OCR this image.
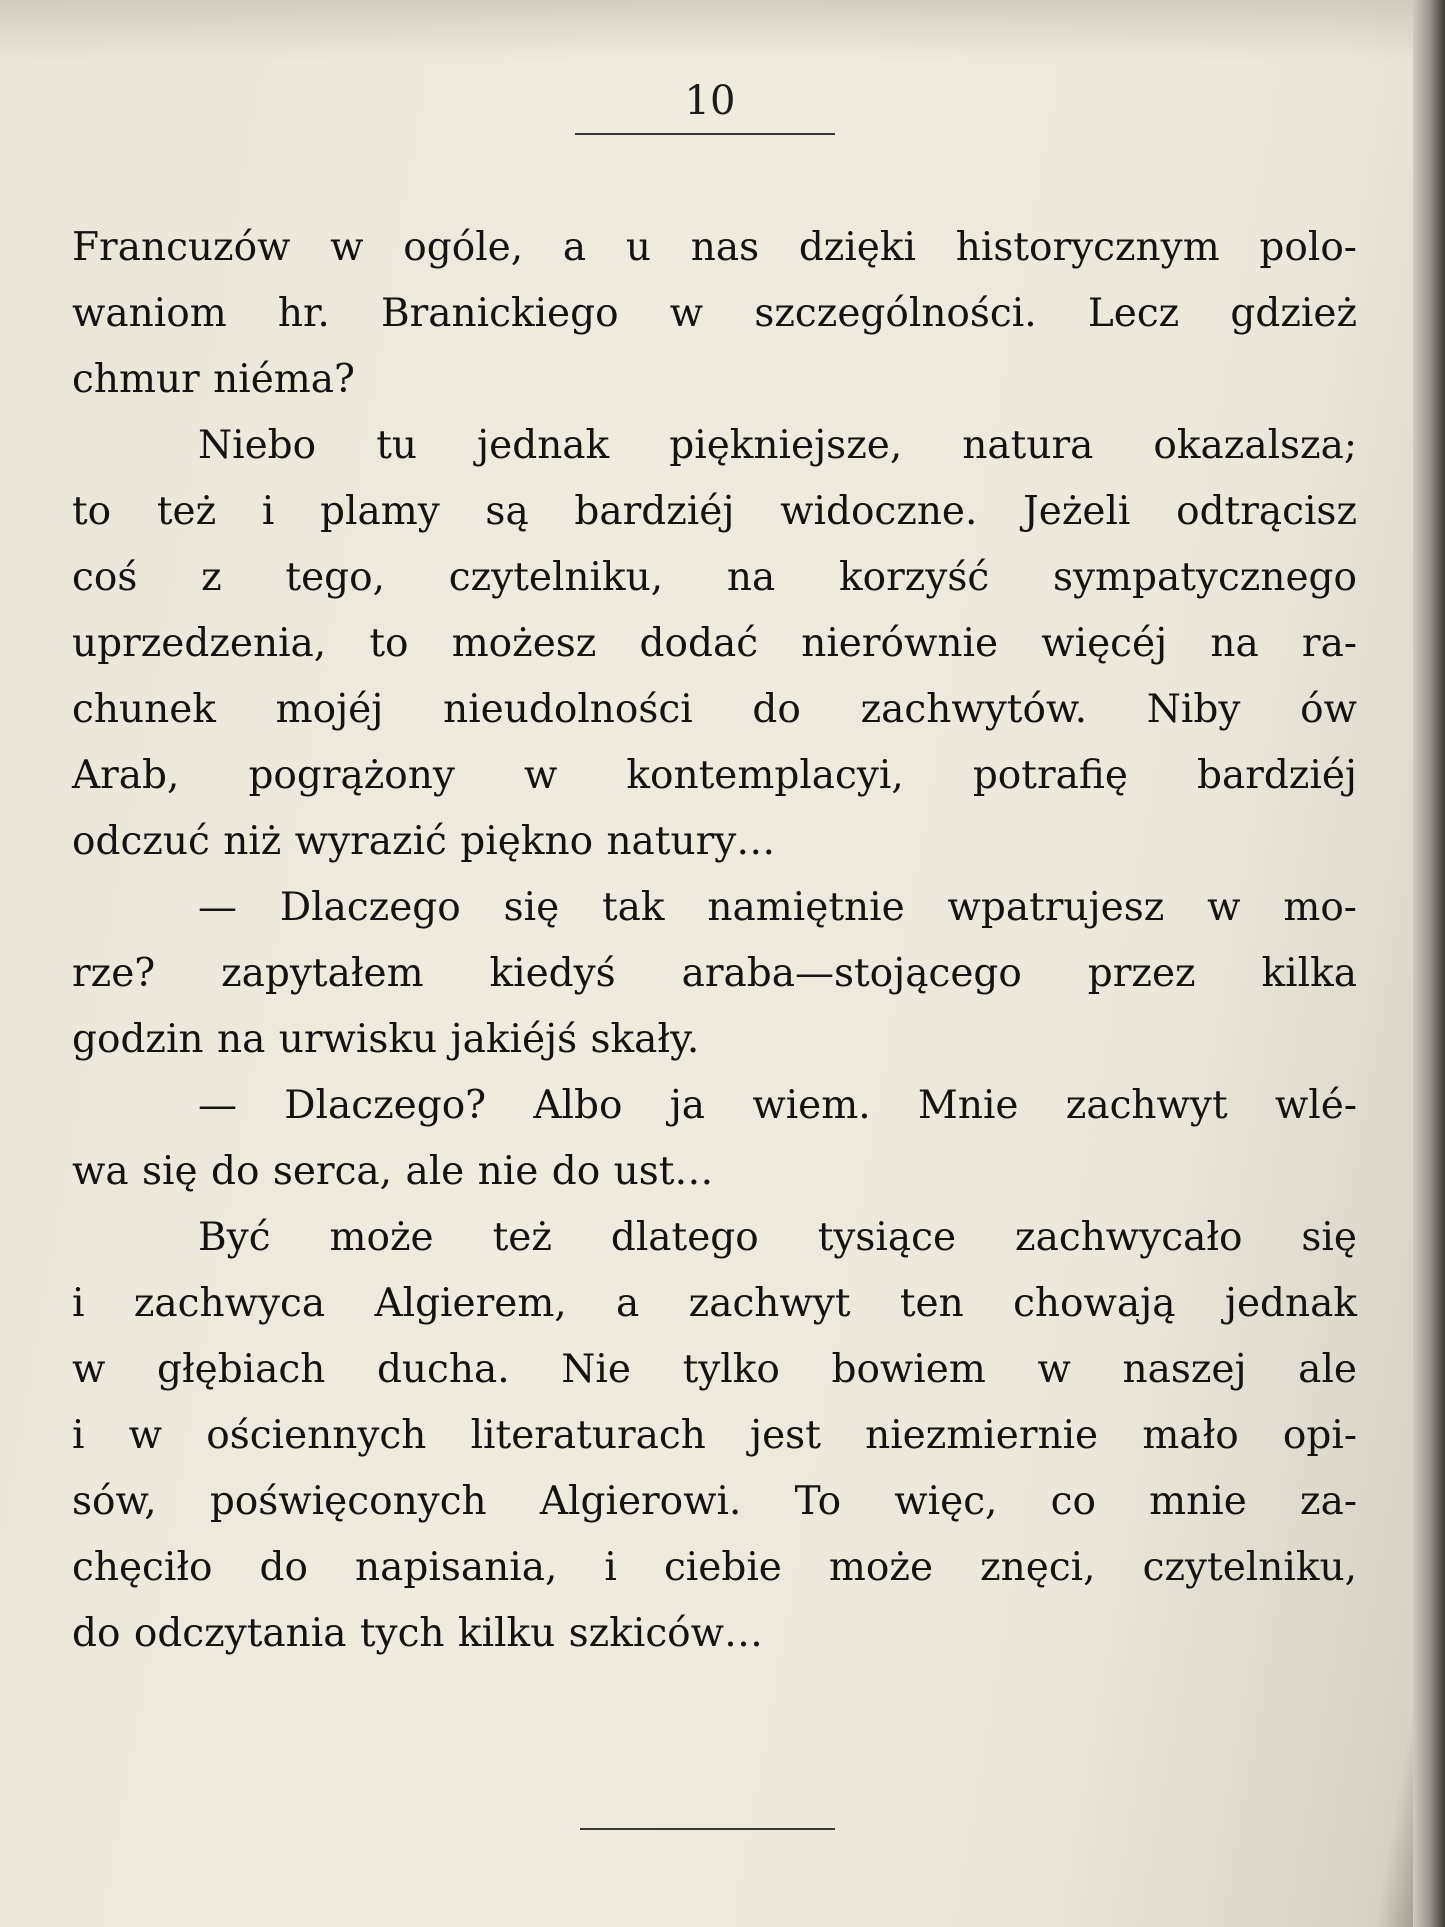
10

Francuzów w ogóle, a u nas dzięki historycznym polo-
waniom hr. Branickiego w szczególności. Lecz gdzież
chmur niéma?

Niebo tu jednak piękniejsze, natura okazalsza;
to też i plamy są bardziéj widoczne. Jeżeli odtrącisz
coś z tego, czytelniku, na korzyść sympatycznego
uprzedzenia, to możesz dodać nierównie więcéj na ra-
chunek mojéj nieudolności do zachwytów. Niby ów
Arab, pogrążony w kontemplacyi, potrafię bardziéj
odczuć niż wyrazić piękno natury…

— Dlaczego się tak namiętnie wpatrujesz w mo-
rze? zapytałem kiedyś araba—stojącego przez kilka
godzin na urwisku jakiéjś skały.

— Dlaczego? Albo ja wiem. Mnie zachwyt wlé-
wa się do serca, ale nie do ust…

Być może też dlatego tysiące zachwycało się
i zachwyca Algierem, a zachwyt ten chowają jednak
w głębiach ducha. Nie tylko bowiem w naszej ale
i w ościennych literaturach jest niezmiernie mało opi-
sów, poświęconych Algierowi. To więc, co mnie za-
chęciło do napisania, i ciebie może znęci, czytelniku,
do odczytania tych kilku szkiców…
